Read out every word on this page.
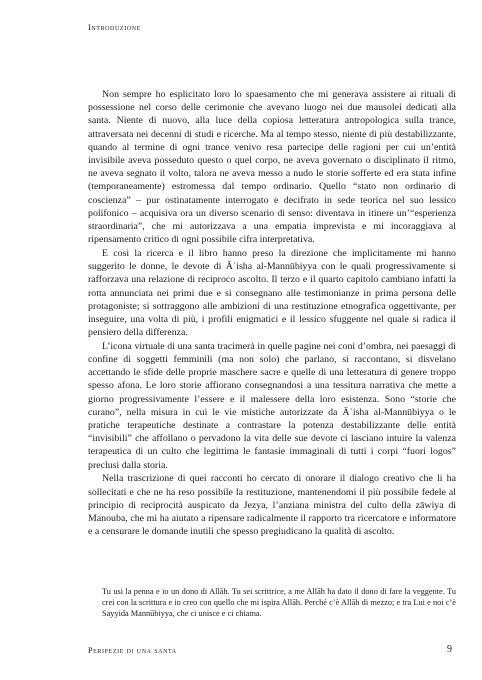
Introduzione

Non sempre ho esplicitato loro lo spaesamento che mi generava assistere ai rituali di possessione nel corso delle cerimonie che avevano luogo nei due mausolei dedicati alla santa. Niente di nuovo, alla luce della copiosa letteratura antropologica sulla trance, attraversata nei decenni di studi e ricerche. Ma al tempo stesso, niente di più destabilizzante, quando al termine di ogni trance venivo resa partecipe delle ragioni per cui un’entità invisibile aveva posseduto questo o quel corpo, ne aveva governato o disciplinato il ritmo, ne aveva segnato il volto, talora ne aveva messo a nudo le storie sofferte ed era stata infine (temporaneamente) estromessa dal tempo ordinario. Quello “stato non ordinario di coscienza” – pur ostinatamente interrogato e decifrato in sede teorica nel suo lessico polifonico – acquisiva ora un diverso scenario di senso: diventava in itinere un’“esperienza straordinaria”, che mi autorizzava a una empatia imprevista e mi incoraggiava al ripensamento critico di ogni possibile cifra interpretativa.

E così la ricerca e il libro hanno preso la direzione che implicitamente mi hanno suggerito le donne, le devote di Āʿisha al-Mannūbiyya con le quali progressivamente si rafforzava una relazione di reciproco ascolto. Il terzo e il quarto capitolo cambiano infatti la rotta annunciata nei primi due e si consegnano alle testimonianze in prima persona delle protagoniste; si sottraggono alle ambizioni di una restituzione etnografica oggettivante, per inseguire, una volta di più, i profili enigmatici e il lessico sfuggente nel quale si radica il pensiero della differenza.

L’icona virtuale di una santa tracimerà in quelle pagine nei coni d’ombra, nei paesaggi di confine di soggetti femminili (ma non solo) che parlano, si raccontano, si disvelano accettando le sfide delle proprie maschere sacre e quelle di una letteratura di genere troppo spesso afona. Le loro storie affiorano consegnandosi a una tessitura narrativa che mette a giorno progressivamente l’essere e il malessere della loro esistenza. Sono “storie che curano”, nella misura in cui le vie mistiche autorizzate da Āʿisha al-Mannūbiyya o le pratiche terapeutiche destinate a contrastare la potenza destabilizzante delle entità “invisibili” che affollano o pervadono la vita delle sue devote ci lasciano intuire la valenza terapeutica di un culto che legittima le fantasie immaginali di tutti i corpi “fuori logos” preclusi dalla storia.

Nella trascrizione di quei racconti ho cercato di onorare il dialogo creativo che li ha sollecitati e che ne ha reso possibile la restituzione, mantenendomi il più possibile fedele al principio di reciprocità auspicato da Jezya, l’anziana ministra del culto della zāwiya di Manouba, che mi ha aiutato a ripensare radicalmente il rapporto tra ricercatore e informatore e a censurare le domande inutili che spesso pregiudicano la qualità di ascolto.

Tu usi la penna e io un dono di Allāh. Tu sei scrittrice, a me Allāh ha dato il dono di fare la veggente. Tu crei con la scrittura e io creo con quello che mi ispira Allāh. Perché c’è Allāh di mezzo; e tra Lui e noi c’è Sayyida Mannūbiyya, che ci unisce e ci chiama.

Peripezie di una santa	9
